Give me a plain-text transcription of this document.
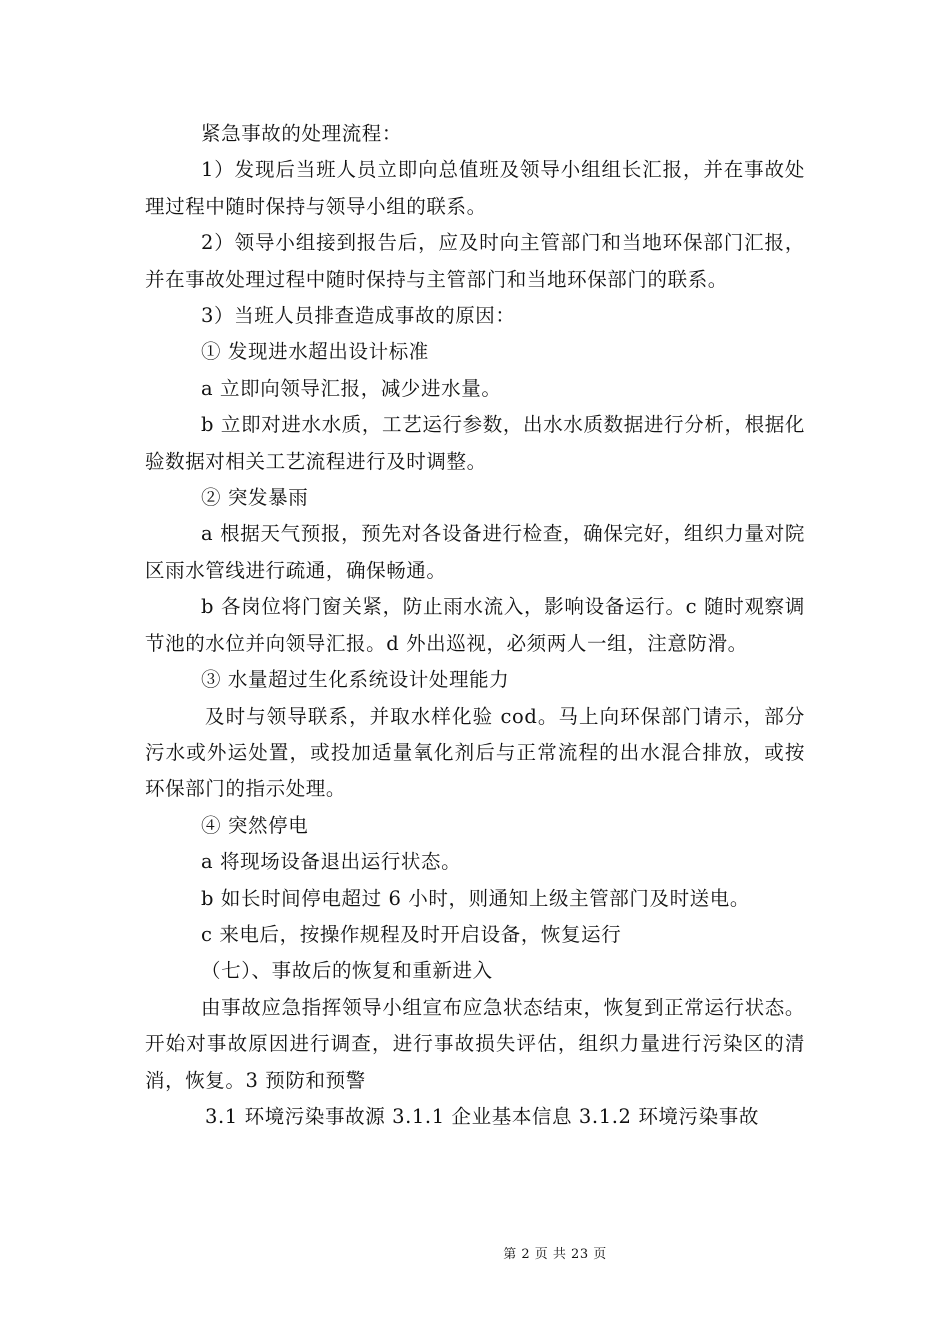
紧急事故的处理流程：

1）发现后当班人员立即向总值班及领导小组组长汇报，并在事故处理过程中随时保持与领导小组的联系。

2）领导小组接到报告后，应及时向主管部门和当地环保部门汇报，并在事故处理过程中随时保持与主管部门和当地环保部门的联系。

3）当班人员排查造成事故的原因：

① 发现进水超出设计标准

a 立即向领导汇报，减少进水量。

b 立即对进水水质，工艺运行参数，出水水质数据进行分析，根据化验数据对相关工艺流程进行及时调整。

② 突发暴雨

a 根据天气预报，预先对各设备进行检查，确保完好，组织力量对院区雨水管线进行疏通，确保畅通。

b 各岗位将门窗关紧，防止雨水流入，影响设备运行。c 随时观察调节池的水位并向领导汇报。d 外出巡视，必须两人一组，注意防滑。

③ 水量超过生化系统设计处理能力

及时与领导联系，并取水样化验 cod。马上向环保部门请示，部分污水或外运处置，或投加适量氧化剂后与正常流程的出水混合排放，或按环保部门的指示处理。

④ 突然停电

a 将现场设备退出运行状态。

b 如长时间停电超过 6 小时，则通知上级主管部门及时送电。

c 来电后，按操作规程及时开启设备，恢复运行

（七）、事故后的恢复和重新进入

由事故应急指挥领导小组宣布应急状态结束，恢复到正常运行状态。开始对事故原因进行调查，进行事故损失评估，组织力量进行污染区的清消，恢复。3 预防和预警

3.1 环境污染事故源 3.1.1 企业基本信息 3.1.2 环境污染事故

第 2 页 共 23 页
